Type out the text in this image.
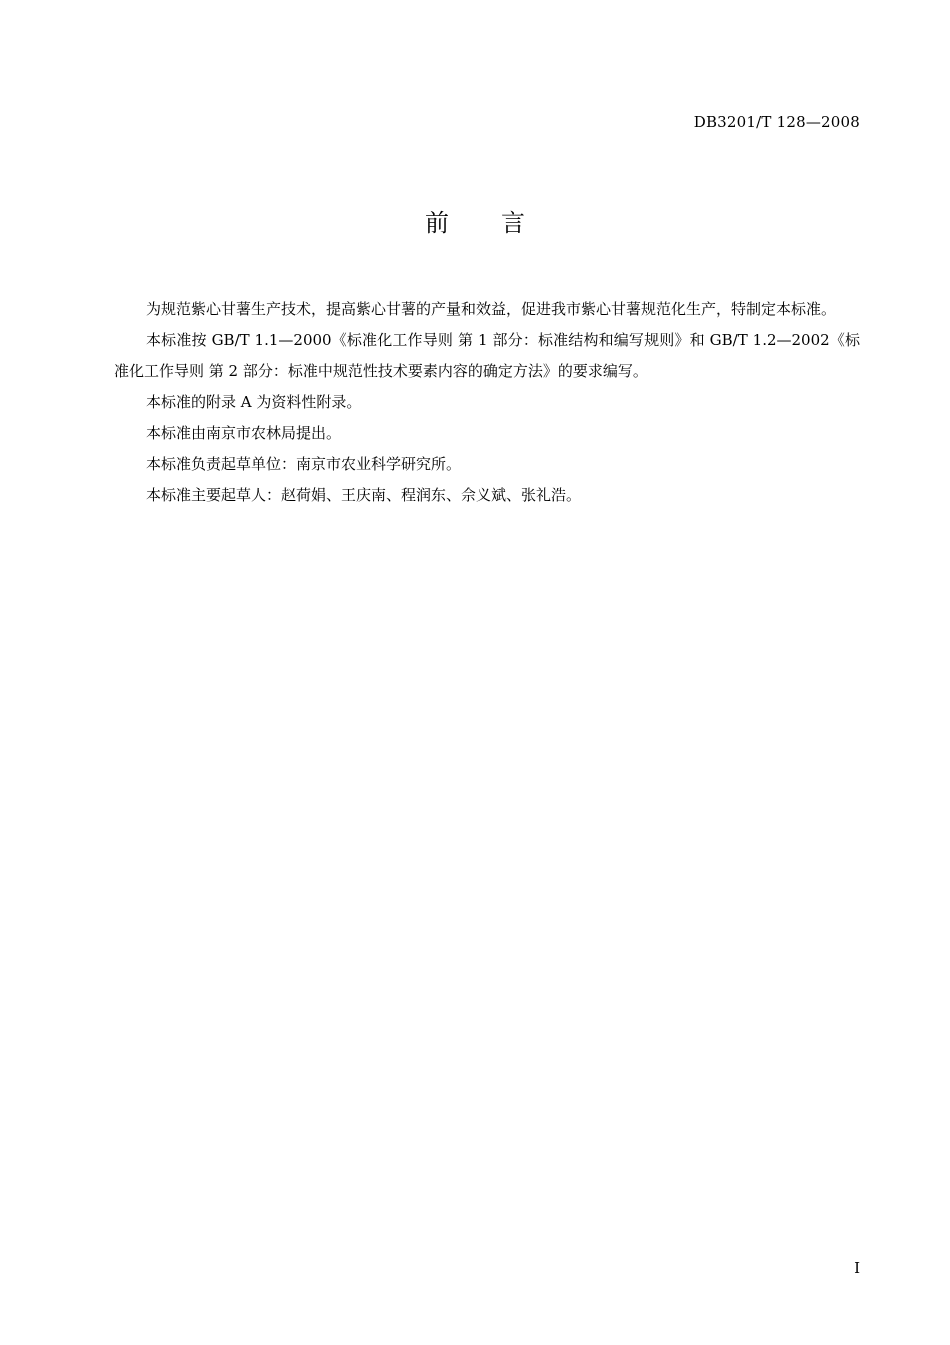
DB3201/T 128—2008
前 言

为规范紫心甘薯生产技术，提高紫心甘薯的产量和效益，促进我市紫心甘薯规范化生产，特制定本标准。

本标准按 GB/T 1.1—2000《标准化工作导则 第 1 部分：标准结构和编写规则》和 GB/T 1.2—2002《标准化工作导则 第 2 部分：标准中规范性技术要素内容的确定方法》的要求编写。

本标准的附录 A 为资料性附录。

本标准由南京市农林局提出。

本标准负责起草单位：南京市农业科学研究所。

本标准主要起草人：赵荷娟、王庆南、程润东、佘义斌、张礼浩。

I
